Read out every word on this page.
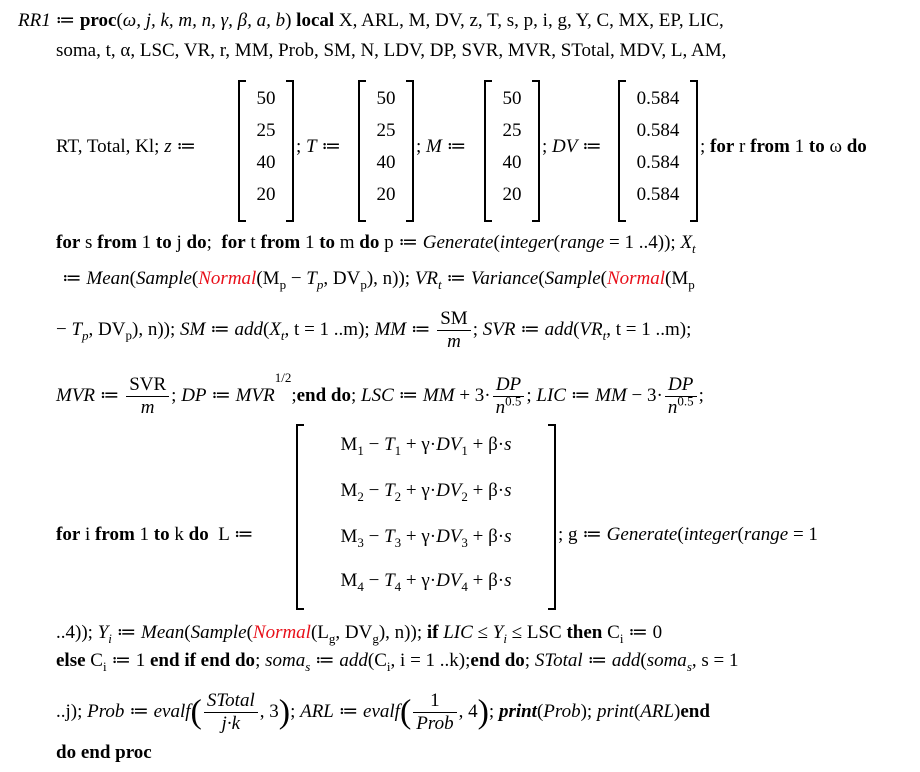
RR1 ≔ proc(ω, j, k, m, n, γ, β, a, b) local X, ARL, M, DV, z, T, s, p, i, g, Y, C, MX, EP, LIC,
soma, t, α, LSC, VR, r, MM, Prob, SM, N, LDV, DP, SVR, MVR, STotal, MDV, L, AM,
RT, Total, Kl; z ≔
50
25
40
20
; T ≔
50
25
40
20
; M ≔
50
25
40
20
; DV ≔
0.584
0.584
0.584
0.584
; for r from 1 to ω do
for s from 1 to j do;  for t from 1 to m do p ≔ Generate(integer(range = 1 ..4)); $X_t$
≔ $Mean(Sample(Normal(M_p - T_p$, $DV_p$), n)); $VR_t$ ≔ $Variance(Sample(Normal(M_p$
− $T_p$, $DV_p$), n)); SM ≔ $add(X_t$, t = 1 ..m); MM ≔ $\frac{SM}{m}$ ; SVR ≔ $add(VR_t$, t = 1 ..m);
MVR ≔ $\frac{\text{SVR}}{m}$ ; DP ≔ $MVR^{1/2};end$ do; LSC ≔ MM + $3\cdot \frac{DP}{n^{0.5}}$ ; LIC ≔ MM − $3\cdot \frac{DP}{n^{0.5}}$ ;
for i from 1 to k do  L ≔
$M_1 - T_1 + \gamma\cdot DV_1 + \beta\cdot s$
$M_2 - T_2 + \gamma\cdot DV_2 + \beta\cdot s$
$M_3 - T_3 + \gamma\cdot DV_3 + \beta\cdot s$
$M_4 - T_4 + \gamma\cdot DV_4 + \beta\cdot s$
; g ≔ Generate(integer(range = 1
..4)); $Y_i$ ≔ $Mean(Sample(Normal(L_g$, $DV_g$), n)); if LIC ≤ $Y_i$ ≤ LSC then $C_i$ ≔ 0
else $C_i$ ≔ 1 end if end do; soma$_s$ ≔ $add(C_i$, i = 1 ..k);end do; STotal ≔ add(soma$_s$, s = 1
..j); Prob ≔ evalf( $\frac{\text{STotal}}{j\cdot k}$ , 3); ARL ≔ evalf( $\frac{1}{\text{Prob}}$ , 4); print(Prob); print(ARL)end
do end proc
